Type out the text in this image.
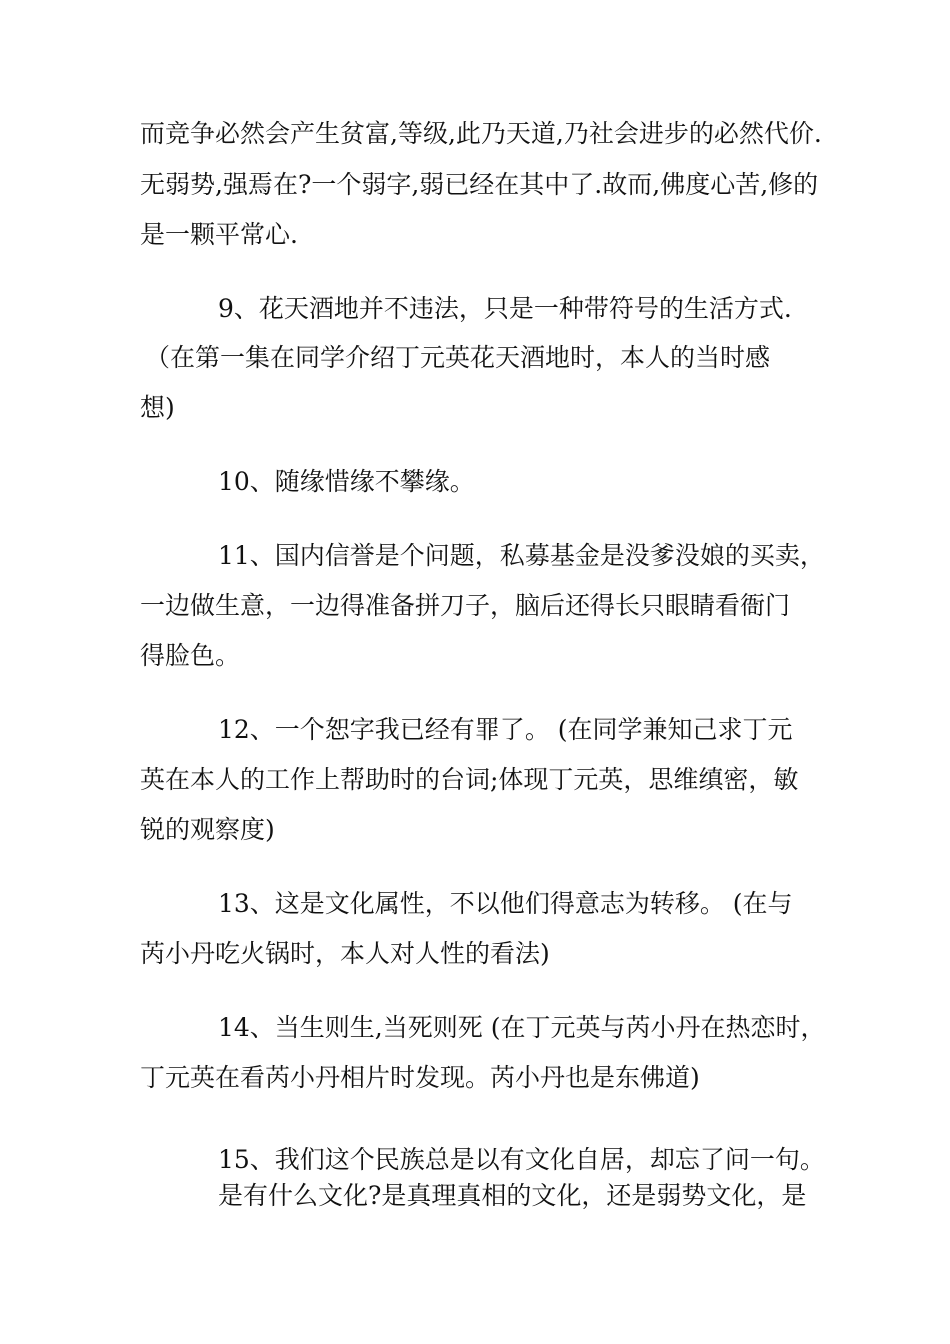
而竞争必然会产生贫富,等级,此乃天道,乃社会进步的必然代价.
无弱势,强焉在?一个弱字,弱已经在其中了.故而,佛度心苦,修的
是一颗平常心.
9、花天酒地并不违法，只是一种带符号的生活方式.
（在第一集在同学介绍丁元英花天酒地时，本人的当时感
想)
10、随缘惜缘不攀缘。
11、国内信誉是个问题，私募基金是没爹没娘的买卖，
一边做生意，一边得准备拼刀子，脑后还得长只眼睛看衙门
得脸色。
12、一个恕字我已经有罪了。 (在同学兼知己求丁元
英在本人的工作上帮助时的台词;体现丁元英，思维缜密，敏
锐的观察度)
13、这是文化属性，不以他们得意志为转移。 (在与
芮小丹吃火锅时，本人对人性的看法)
14、当生则生,当死则死 (在丁元英与芮小丹在热恋时，
丁元英在看芮小丹相片时发现。芮小丹也是东佛道)
15、我们这个民族总是以有文化自居，却忘了问一句。
是有什么文化?是真理真相的文化，还是弱势文化，是
